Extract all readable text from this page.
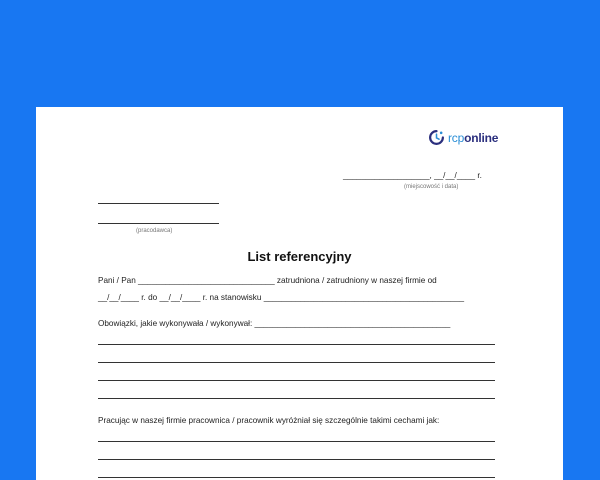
rcponline
___________________, __/__/____ r.
(miejscowość i data)
(pracodawca)
List referencyjny
Pani / Pan ______________________________ zatrudniona / zatrudniony w naszej firmie od
__/__/____ r. do __/__/____ r. na stanowisku ____________________________________________
Obowiązki, jakie wykonywała / wykonywał: ___________________________________________
Pracując w naszej firmie pracownica / pracownik wyróżniał się szczególnie takimi cechami jak:
